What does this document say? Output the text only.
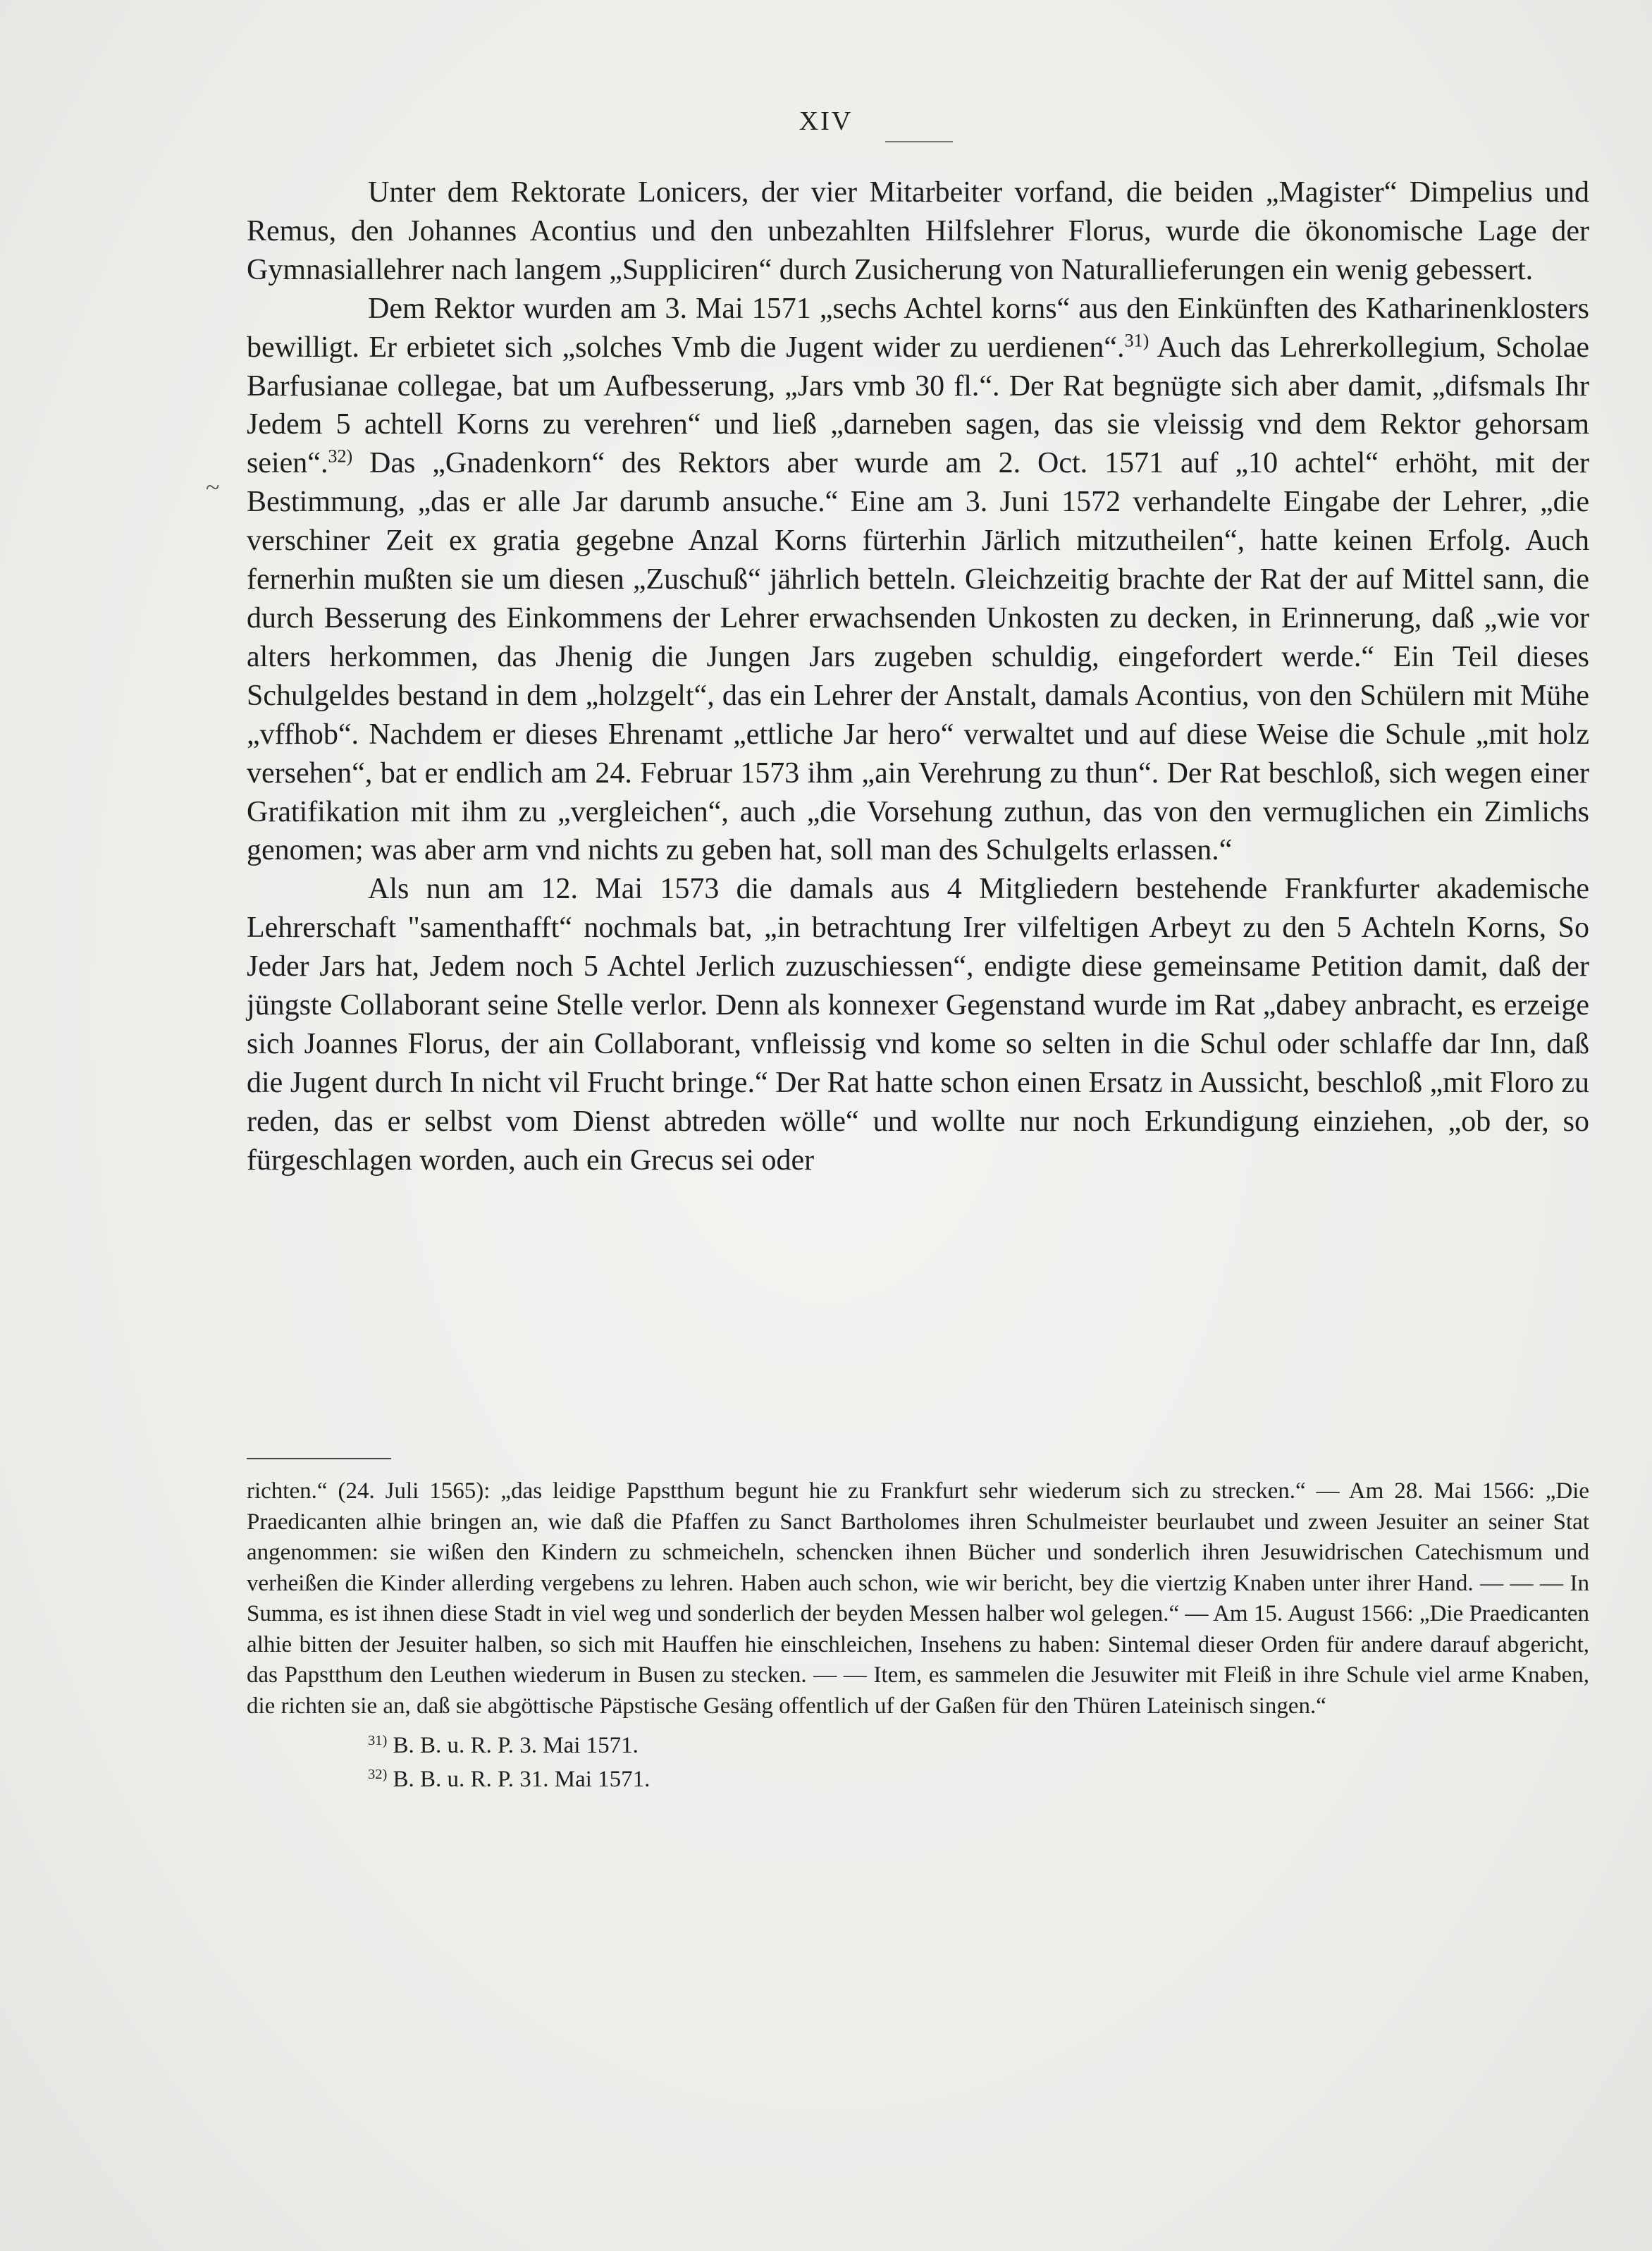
XIV
~

Unter dem Rektorate Lonicers, der vier Mitarbeiter vorfand, die beiden „Magister“ Dimpelius und Remus, den Johannes Acontius und den unbezahlten Hilfslehrer Florus, wurde die ökonomische Lage der Gymnasiallehrer nach langem „Suppliciren“ durch Zusicherung von Naturallieferungen ein wenig gebessert.

Dem Rektor wurden am 3. Mai 1571 „sechs Achtel korns“ aus den Einkünften des Katharinenklosters bewilligt. Er erbietet sich „solches Vmb die Jugent wider zu uerdienen“.$^{31)}$ Auch das Lehrerkollegium, Scholae Barfusianae collegae, bat um Aufbesserung, „Jars vmb 30 fl.“. Der Rat begnügte sich aber damit, „difsmals Ihr Jedem 5 achtell Korns zu verehren“ und ließ „darneben sagen, das sie vleissig vnd dem Rektor gehorsam seien“.$^{32)}$ Das „Gnadenkorn“ des Rektors aber wurde am 2. Oct. 1571 auf „10 achtel“ erhöht, mit der Bestimmung, „das er alle Jar darumb ansuche.“ Eine am 3. Juni 1572 verhandelte Eingabe der Lehrer, „die verschiner Zeit ex gratia gegebne Anzal Korns fürterhin Järlich mitzutheilen“, hatte keinen Erfolg. Auch fernerhin mußten sie um diesen „Zuschuß“ jährlich betteln. Gleichzeitig brachte der Rat der auf Mittel sann, die durch Besserung des Einkommens der Lehrer erwachsenden Unkosten zu decken, in Erinnerung, daß „wie vor alters herkommen, das Jhenig die Jungen Jars zugeben schuldig, eingefordert werde.“ Ein Teil dieses Schulgeldes bestand in dem „holzgelt“, das ein Lehrer der Anstalt, damals Acontius, von den Schülern mit Mühe „vffhob“. Nachdem er dieses Ehrenamt „ettliche Jar hero“ verwaltet und auf diese Weise die Schule „mit holz versehen“, bat er endlich am 24. Februar 1573 ihm „ain Verehrung zu thun“. Der Rat beschloß, sich wegen einer Gratifikation mit ihm zu „vergleichen“, auch „die Vorsehung zuthun, das von den vermuglichen ein Zimlichs genomen; was aber arm vnd nichts zu geben hat, soll man des Schulgelts erlassen.“

Als nun am 12. Mai 1573 die damals aus 4 Mitgliedern bestehende Frankfurter akademische Lehrerschaft "samenthafft“ nochmals bat, „in betrachtung Irer vilfeltigen Arbeyt zu den 5 Achteln Korns, So Jeder Jars hat, Jedem noch 5 Achtel Jerlich zuzuschiessen“, endigte diese gemeinsame Petition damit, daß der jüngste Collaborant seine Stelle verlor. Denn als konnexer Gegenstand wurde im Rat „dabey anbracht, es erzeige sich Joannes Florus, der ain Collaborant, vnfleissig vnd kome so selten in die Schul oder schlaffe dar Inn, daß die Jugent durch In nicht vil Frucht bringe.“ Der Rat hatte schon einen Ersatz in Aussicht, beschloß „mit Floro zu reden, das er selbst vom Dienst abtreden wölle“ und wollte nur noch Erkundigung einziehen, „ob der, so fürgeschlagen worden, auch ein Grecus sei oder

richten.“ (24. Juli 1565): „das leidige Papstthum begunt hie zu Frankfurt sehr wiederum sich zu strecken.“ — Am 28. Mai 1566: „Die Praedicanten alhie bringen an, wie daß die Pfaffen zu Sanct Bartholomes ihren Schulmeister beurlaubet und zween Jesuiter an seiner Stat angenommen: sie wißen den Kindern zu schmeicheln, schencken ihnen Bücher und sonderlich ihren Jesuwidrischen Catechismum und verheißen die Kinder allerding vergebens zu lehren. Haben auch schon, wie wir bericht, bey die viertzig Knaben unter ihrer Hand. — — — In Summa, es ist ihnen diese Stadt in viel weg und sonderlich der beyden Messen halber wol gelegen.“ — Am 15. August 1566: „Die Praedicanten alhie bitten der Jesuiter halben, so sich mit Hauffen hie einschleichen, Insehens zu haben: Sintemal dieser Orden für andere darauf abgericht, das Papstthum den Leuthen wiederum in Busen zu stecken. — — Item, es sammelen die Jesuwiter mit Fleiß in ihre Schule viel arme Knaben, die richten sie an, daß sie abgöttische Päpstische Gesäng offentlich uf der Gaßen für den Thüren Lateinisch singen.“

$^{31)}$ B. B. u. R. P. 3. Mai 1571.
$^{32)}$ B. B. u. R. P. 31. Mai 1571.
